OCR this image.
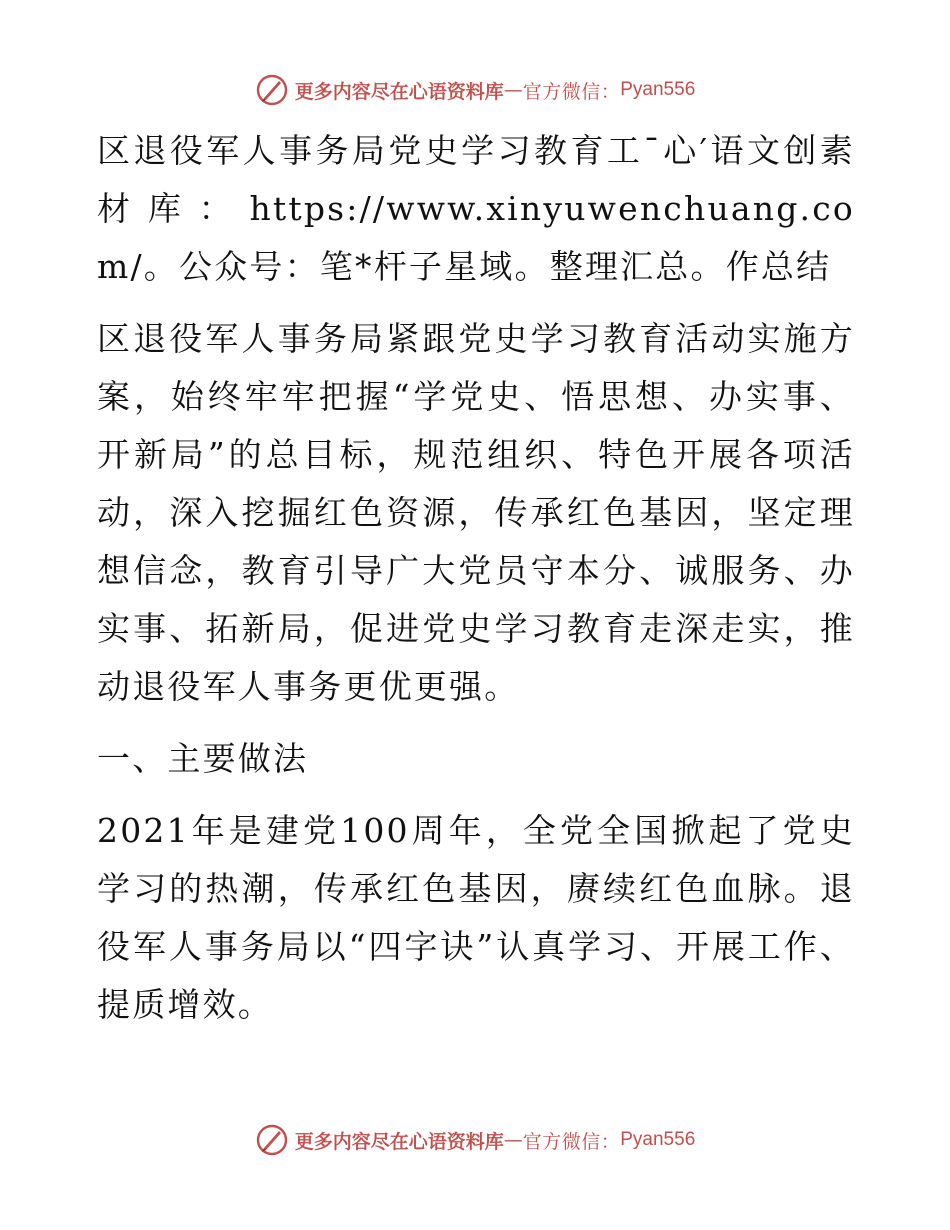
更多内容尽在心语资料库 — 官方微信： Pyan556

区退役军人事务局党史学习教育工¯心′语文创素材库：https://www.xinyuwenchuang.com/。公众号：笔*杆子星域。整理汇总。作总结

区退役军人事务局紧跟党史学习教育活动实施方案，始终牢牢把握“学党史、悟思想、办实事、开新局”的总目标，规范组织、特色开展各项活动，深入挖掘红色资源，传承红色基因，坚定理想信念，教育引导广大党员守本分、诚服务、办实事、拓新局，促进党史学习教育走深走实，推动退役军人事务更优更强。

一、主要做法

2021年是建党100周年，全党全国掀起了党史学习的热潮，传承红色基因，赓续红色血脉。退役军人事务局以“四字诀”认真学习、开展工作、提质增效。

更多内容尽在心语资料库 — 官方微信： Pyan556
